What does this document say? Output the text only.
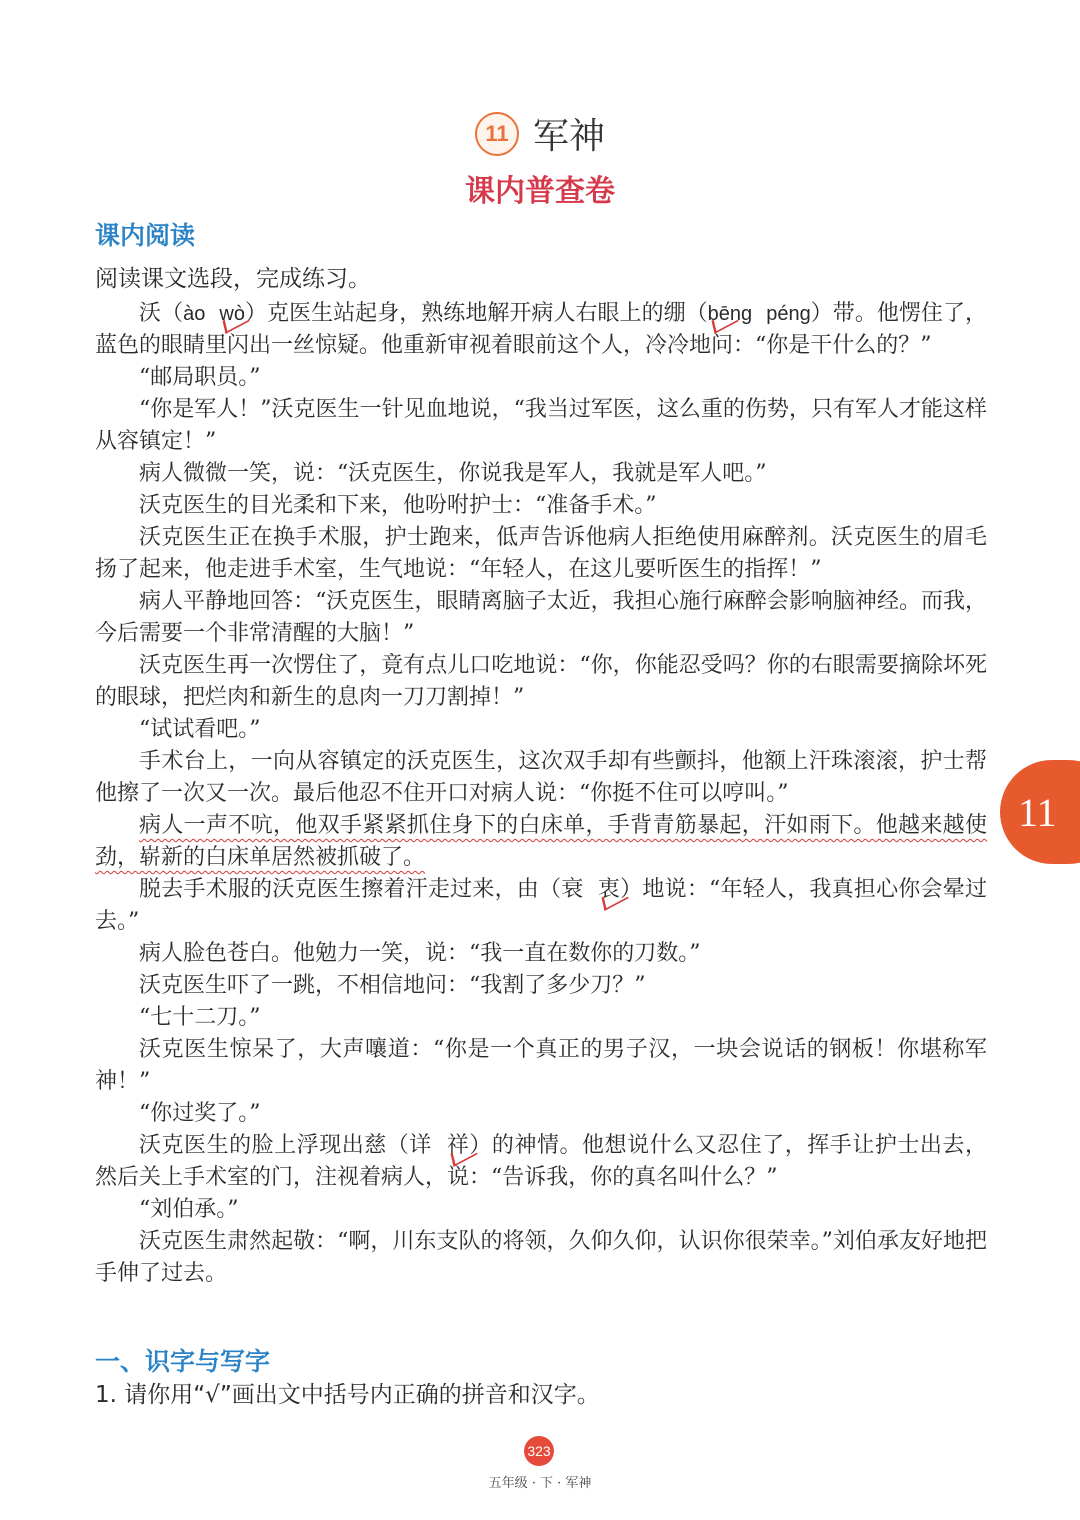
11 军神
课内普查卷
课内阅读
阅读课文选段，完成练习。

沃（ào wò）克医生站起身，熟练地解开病人右眼上的绷（bēng péng）带。他愣住了，蓝色的眼睛里闪出一丝惊疑。他重新审视着眼前这个人，冷冷地问：“你是干什么的？”

“邮局职员。”

“你是军人！”沃克医生一针见血地说，“我当过军医，这么重的伤势，只有军人才能这样从容镇定！”

病人微微一笑，说：“沃克医生，你说我是军人，我就是军人吧。”

沃克医生的目光柔和下来，他吩咐护士：“准备手术。”

沃克医生正在换手术服，护士跑来，低声告诉他病人拒绝使用麻醉剂。沃克医生的眉毛扬了起来，他走进手术室，生气地说：“年轻人，在这儿要听医生的指挥！”

病人平静地回答：“沃克医生，眼睛离脑子太近，我担心施行麻醉会影响脑神经。而我，今后需要一个非常清醒的大脑！”

沃克医生再一次愣住了，竟有点儿口吃地说：“你，你能忍受吗？你的右眼需要摘除坏死的眼球，把烂肉和新生的息肉一刀刀割掉！”

“试试看吧。”

手术台上，一向从容镇定的沃克医生，这次双手却有些颤抖，他额上汗珠滚滚，护士帮他擦了一次又一次。最后他忍不住开口对病人说：“你挺不住可以哼叫。”

病人一声不吭，他双手紧紧抓住身下的白床单，手背青筋暴起，汗如雨下。他越来越使劲，崭新的白床单居然被抓破了。

脱去手术服的沃克医生擦着汗走过来，由（衰 衷）地说：“年轻人，我真担心你会晕过去。”

病人脸色苍白。他勉力一笑，说：“我一直在数你的刀数。”

沃克医生吓了一跳，不相信地问：“我割了多少刀？”

“七十二刀。”

沃克医生惊呆了，大声嚷道：“你是一个真正的男子汉，一块会说话的钢板！你堪称军神！”

“你过奖了。”

沃克医生的脸上浮现出慈（详 祥）的神情。他想说什么又忍住了，挥手让护士出去，然后关上手术室的门，注视着病人，说：“告诉我，你的真名叫什么？”

“刘伯承。”

沃克医生肃然起敬：“啊，川东支队的将领，久仰久仰，认识你很荣幸。”刘伯承友好地把手伸了过去。

一、识字与写字
1. 请你用“√”画出文中括号内正确的拼音和汉字。
11
323
五年级 · 下 · 军神
